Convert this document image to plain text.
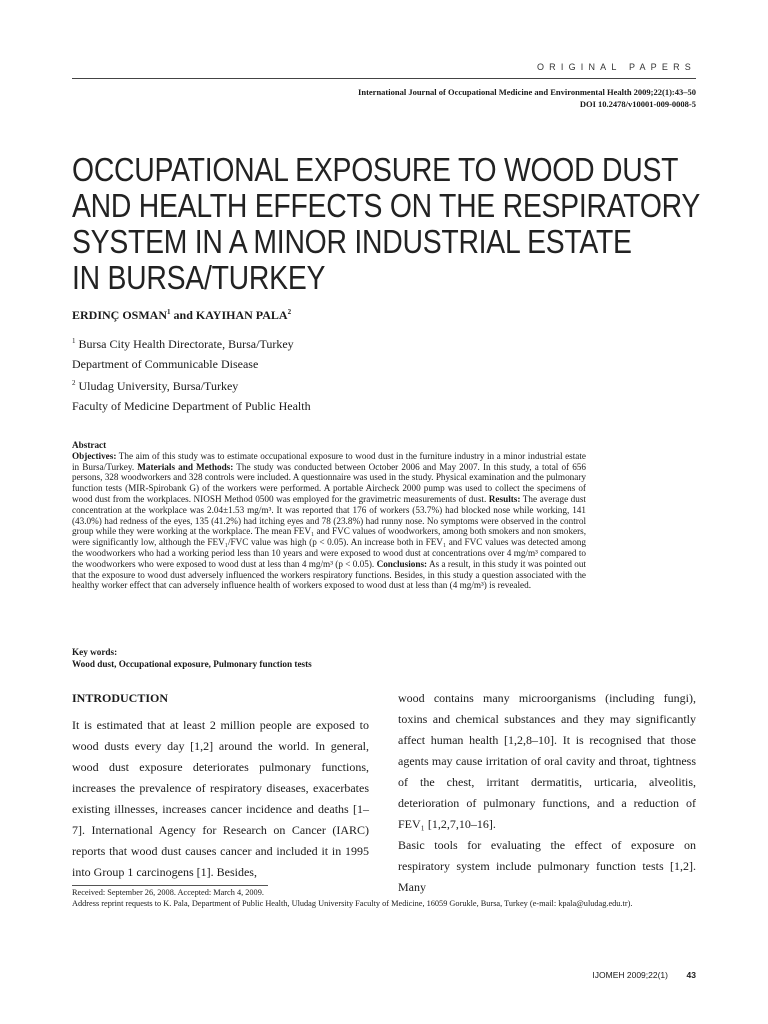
ORIGINAL PAPERS
International Journal of Occupational Medicine and Environmental Health 2009;22(1):43–50
DOI 10.2478/v10001-009-0008-5
OCCUPATIONAL EXPOSURE TO WOOD DUST
AND HEALTH EFFECTS ON THE RESPIRATORY
SYSTEM IN A MINOR INDUSTRIAL ESTATE
IN BURSA/TURKEY
ERDINÇ OSMAN$^1$ and KAYIHAN PALA$^2$
$^1$ Bursa City Health Directorate, Bursa/Turkey
Department of Communicable Disease
$^2$ Uludag University, Bursa/Turkey
Faculty of Medicine Department of Public Health
Abstract
Objectives: The aim of this study was to estimate occupational exposure to wood dust in the furniture industry in a minor industrial estate in Bursa/Turkey. Materials and Methods: The study was conducted between October 2006 and May 2007. In this study, a total of 656 persons, 328 woodworkers and 328 controls were included. A questionnaire was used in the study. Physical examination and the pulmonary function tests (MIR-Spirobank G) of the workers were performed. A portable Aircheck 2000 pump was used to collect the specimens of wood dust from the workplaces. NIOSH Method 0500 was employed for the gravimetric measurements of dust. Results: The average dust concentration at the workplace was 2.04±1.53 mg/m³. It was reported that 176 of workers (53.7%) had blocked nose while working, 141 (43.0%) had redness of the eyes, 135 (41.2%) had itching eyes and 78 (23.8%) had runny nose. No symptoms were observed in the control group while they were working at the workplace. The mean FEV₁ and FVC values of woodworkers, among both smokers and non smokers, were significantly low, although the FEV₁/FVC value was high (p < 0.05). An increase both in FEV₁ and FVC values was detected among the woodworkers who had a working period less than 10 years and were exposed to wood dust at concentrations over 4 mg/m³ compared to the woodworkers who were exposed to wood dust at less than 4 mg/m³ (p < 0.05). Conclusions: As a result, in this study it was pointed out that the exposure to wood dust adversely influenced the workers respiratory functions. Besides, in this study a question associated with the healthy worker effect that can adversely influence health of workers exposed to wood dust at less than (4 mg/m³) is revealed.
Key words:
Wood dust, Occupational exposure, Pulmonary function tests
INTRODUCTION
It is estimated that at least 2 million people are exposed to wood dusts every day [1,2] around the world. In general, wood dust exposure deteriorates pulmonary functions, increases the prevalence of respiratory diseases, exacerbates existing illnesses, increases cancer incidence and deaths [1–7]. International Agency for Research on Cancer (IARC) reports that wood dust causes cancer and included it in 1995 into Group 1 carcinogens [1]. Besides,
wood contains many microorganisms (including fungi), toxins and chemical substances and they may significantly affect human health [1,2,8–10]. It is recognised that those agents may cause irritation of oral cavity and throat, tightness of the chest, irritant dermatitis, urticaria, alveolitis, deterioration of pulmonary functions, and a reduction of FEV₁ [1,2,7,10–16].
Basic tools for evaluating the effect of exposure on respiratory system include pulmonary function tests [1,2]. Many
Received: September 26, 2008. Accepted: March 4, 2009.
Address reprint requests to K. Pala, Department of Public Health, Uludag University Faculty of Medicine, 16059 Gorukle, Bursa, Turkey (e-mail: kpala@uludag.edu.tr).
IJOMEH 2009;22(1) 43
